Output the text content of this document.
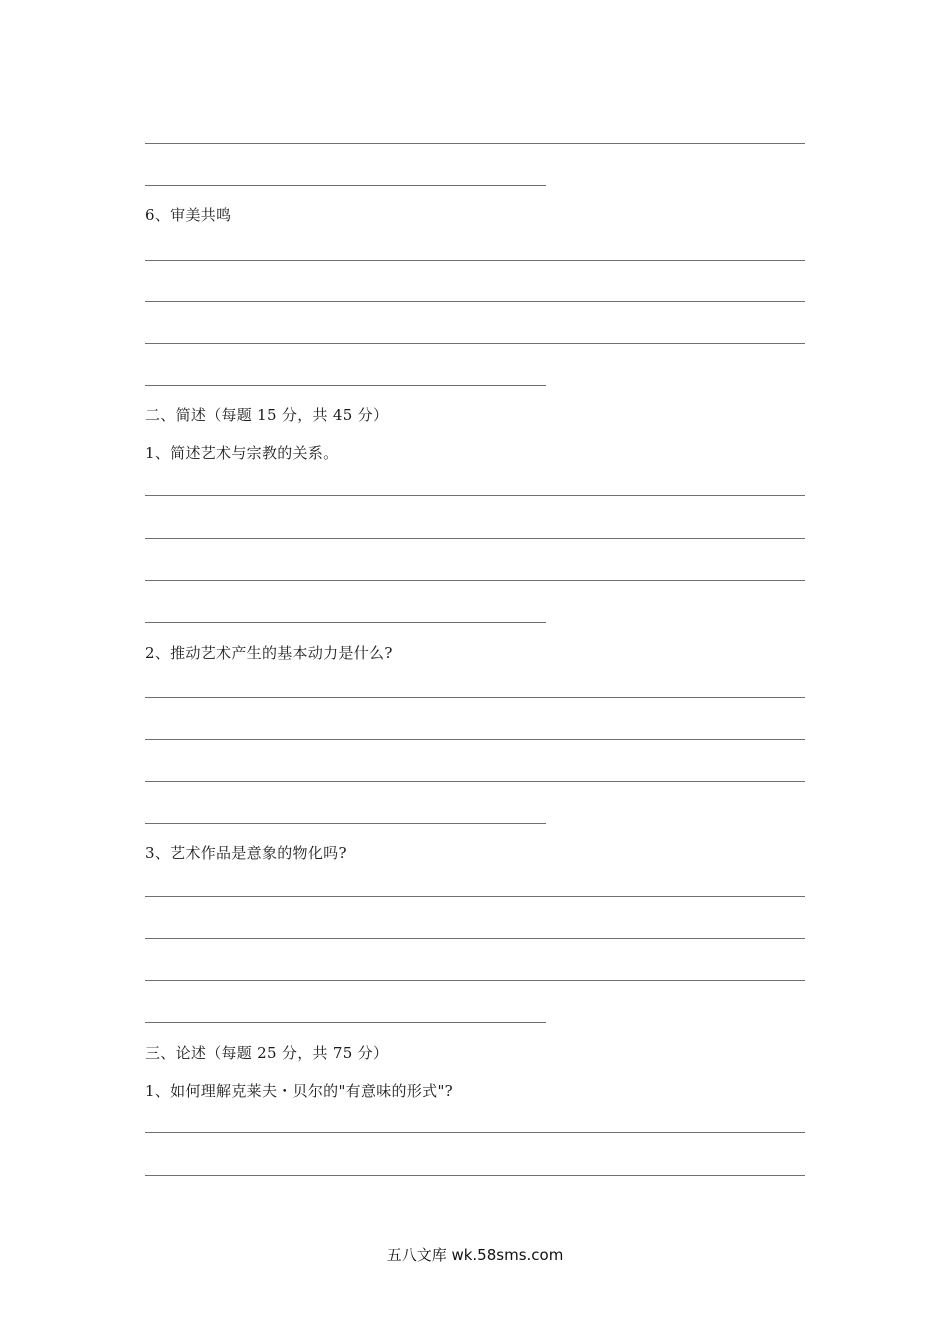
6、审美共鸣
二、简述（每题 15 分，共 45 分）
1、简述艺术与宗教的关系。
2、推动艺术产生的基本动力是什么?
3、艺术作品是意象的物化吗?
三、论述（每题 25 分，共 75 分）
1、如何理解克莱夫・贝尔的"有意味的形式"?
五八文库 wk.58sms.com
